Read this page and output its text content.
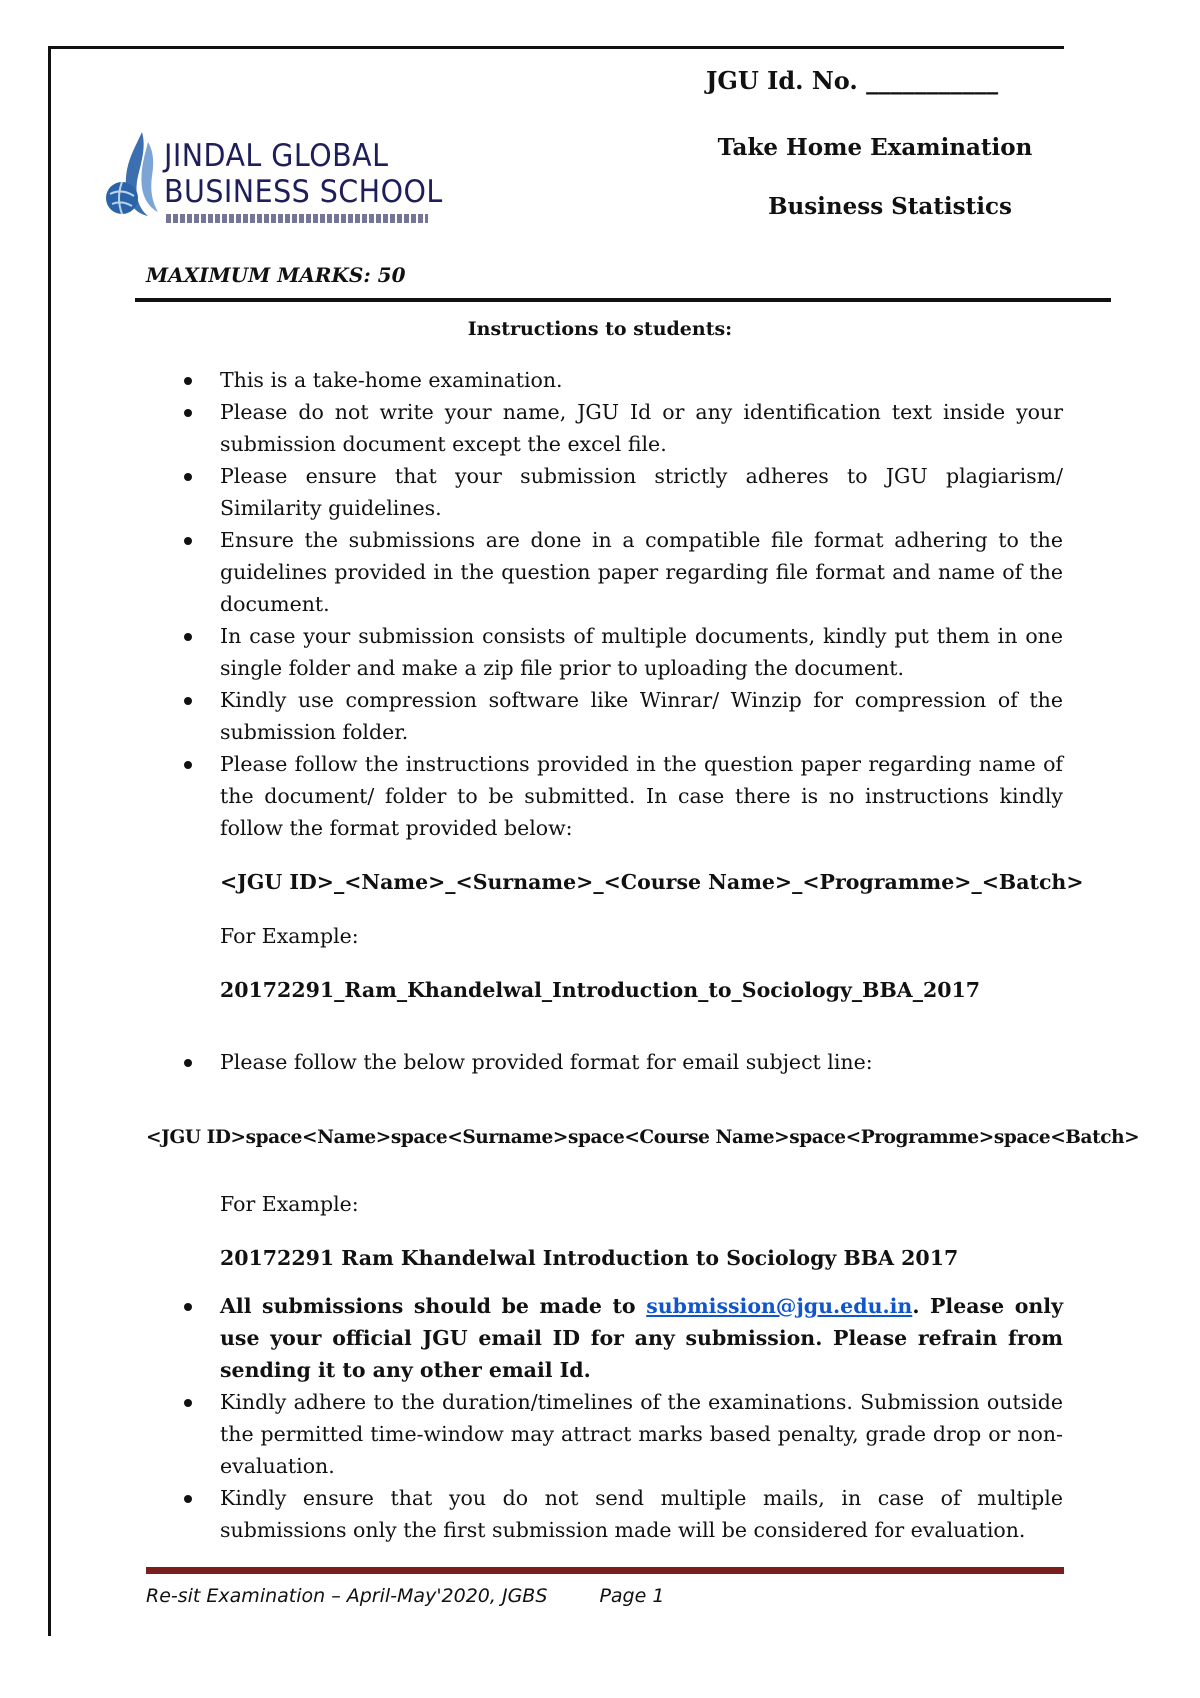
JGU Id. No. ___________
Take Home Examination
Business Statistics
JINDAL GLOBAL
BUSINESS SCHOOL
MAXIMUM MARKS: 50
Instructions to students:
This is a take-home examination.
Please do not write your name, JGU Id or any identification text inside your submission document except the excel file.
Please ensure that your submission strictly adheres to JGU plagiarism/ Similarity guidelines.
Ensure the submissions are done in a compatible file format adhering to the guidelines provided in the question paper regarding file format and name of the document.
In case your submission consists of multiple documents, kindly put them in one single folder and make a zip file prior to uploading the document.
Kindly use compression software like Winrar/ Winzip for compression of the submission folder.
Please follow the instructions provided in the question paper regarding name of the document/ folder to be submitted. In case there is no instructions kindly follow the format provided below:
<JGU ID>_<Name>_<Surname>_<Course Name>_<Programme>_<Batch>
For Example:
20172291_Ram_Khandelwal_Introduction_to_Sociology_BBA_2017
Please follow the below provided format for email subject line:
<JGU ID>space<Name>space<Surname>space<Course Name>space<Programme>space<Batch>
For Example:
20172291 Ram Khandelwal Introduction to Sociology BBA 2017
All submissions should be made to submission@jgu.edu.in. Please only use your official JGU email ID for any submission. Please refrain from sending it to any other email Id.
Kindly adhere to the duration/timelines of the examinations. Submission outside the permitted time-window may attract marks based penalty, grade drop or non-evaluation.
Kindly ensure that you do not send multiple mails, in case of multiple submissions only the first submission made will be considered for evaluation.
Re-sit Examination – April-May'2020, JGBS	Page 1
